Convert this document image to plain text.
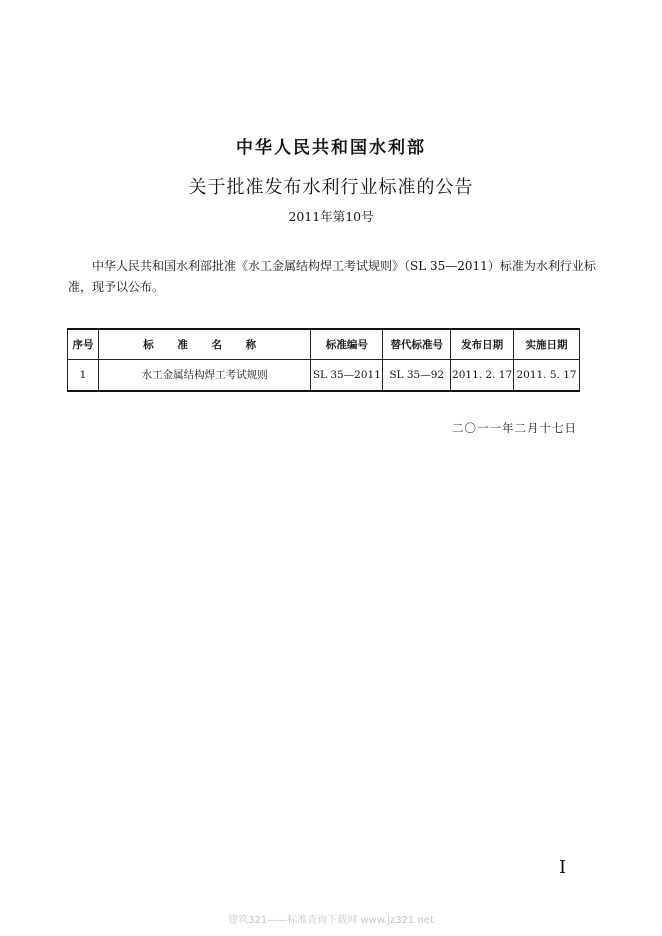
中华人民共和国水利部
关于批准发布水利行业标准的公告
2011年第10号

中华人民共和国水利部批准《水工金属结构焊工考试规则》（SL 35—2011）标准为水利行业标准，现予以公布。

序号	标 准 名 称	标准编号	替代标准号	发布日期	实施日期
1	水工金属结构焊工考试规则	SL 35—2011	SL 35—92	2011. 2. 17	2011. 5. 17
二〇一一年二月十七日
I
建筑321——标准查询下载网 www.jz321.net
